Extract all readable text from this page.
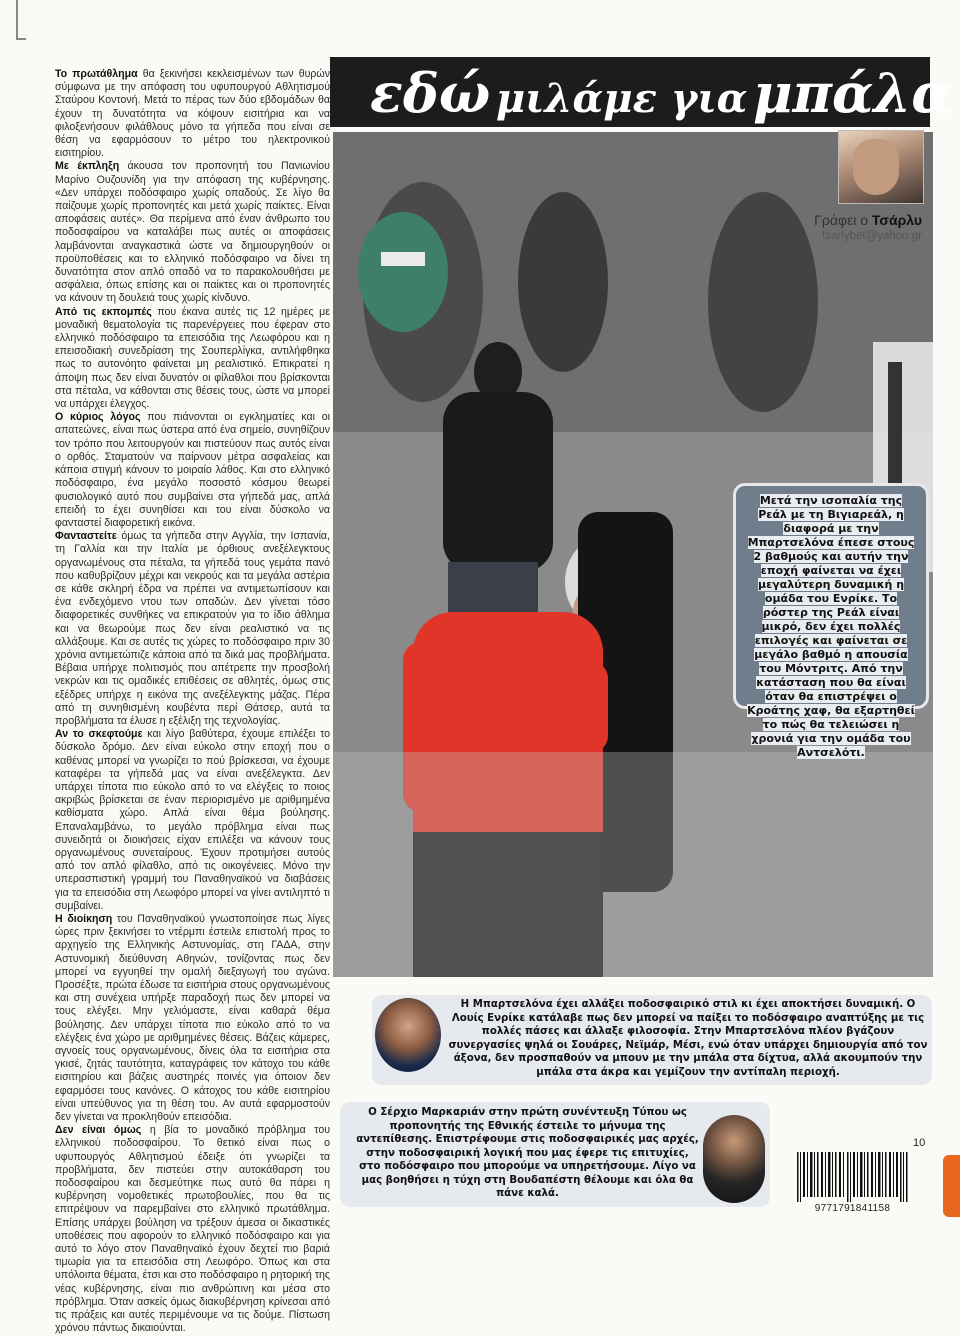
Το πρωτάθλημα θα ξεκινήσει κεκλεισμένων των θυρών σύμφωνα με την απόφαση του υφυπουργού Αθλητισμού Σταύρου Κοντονή. Μετά το πέρας των δύο εβδομάδων θα έχουν τη δυνατότητα να κόψουν εισιτήρια και να φιλοξενήσουν φιλάθλους μόνο τα γήπεδα που είναι σε θέση να εφαρμόσουν το μέτρο του ηλεκτρονικού εισιτηρίου.

Με έκπληξη άκουσα τον προπονητή του Πανιωνίου Μαρίνο Ουζουνίδη για την απόφαση της κυβέρνησης. «Δεν υπάρχει ποδόσφαιρο χωρίς οπαδούς. Σε λίγο θα παίζουμε χωρίς προπονητές και μετά χωρίς παίκτες. Είναι αποφάσεις αυτές». Θα περίμενα από έναν άνθρωπο του ποδοσφαίρου να καταλάβει πως αυτές οι αποφάσεις λαμβάνονται αναγκαστικά ώστε να δημιουργηθούν οι προϋποθέσεις και το ελληνικό ποδόσφαιρο να δίνει τη δυνατότητα στον απλό οπαδό να το παρακολουθήσει με ασφάλεια, όπως επίσης και οι παίκτες και οι προπονητές να κάνουν τη δουλειά τους χωρίς κίνδυνο.

Από τις εκπομπές που έκανα αυτές τις 12 ημέρες με μοναδική θεματολογία τις παρενέργειες που έφεραν στο ελληνικό ποδόσφαιρο τα επεισόδια της Λεωφόρου και η επεισοδιακή συνεδρίαση της Σουπερλίγκα, αντιλήφθηκα πως το αυτονόητο φαίνεται μη ρεαλιστικό. Επικρατεί η άποψη πως δεν είναι δυνατόν οι φίλαθλοι που βρίσκονται στα πέταλα, να κάθονται στις θέσεις τους, ώστε να μπορεί να υπάρχει έλεγχος.

Ο κύριος λόγος που πιάνονται οι εγκληματίες και οι απατεώνες, είναι πως ύστερα από ένα σημείο, συνηθίζουν τον τρόπο που λειτουργούν και πιστεύουν πως αυτός είναι ο ορθός. Σταματούν να παίρνουν μέτρα ασφαλείας και κάποια στιγμή κάνουν το μοιραίο λάθος. Και στο ελληνικό ποδόσφαιρο, ένα μεγάλο ποσοστό κόσμου θεωρεί φυσιολογικό αυτό που συμβαίνει στα γήπεδά μας, απλά επειδή το έχει συνηθίσει και του είναι δύσκολο να φανταστεί διαφορετική εικόνα.

Φανταστείτε όμως τα γήπεδα στην Αγγλία, την Ισπανία, τη Γαλλία και την Ιταλία με όρθιους ανεξέλεγκτους οργανωμένους στα πέταλα, τα γήπεδά τους γεμάτα πανό που καθυβρίζουν μέχρι και νεκρούς και τα μεγάλα αστέρια σε κάθε σκληρή έδρα να πρέπει να αντιμετωπίσουν και ένα ενδεχόμενο ντου των οπαδών. Δεν γίνεται τόσο διαφορετικές συνθήκες να επικρατούν για το ίδιο άθλημα και να θεωρούμε πως δεν είναι ρεαλιστικό να τις αλλάξουμε. Και σε αυτές τις χώρες το ποδόσφαιρο πριν 30 χρόνια αντιμετώπιζε κάποια από τα δικά μας προβλήματα. Βέβαια υπήρχε πολιτισμός που απέτρεπε την προσβολή νεκρών και τις ομαδικές επιθέσεις σε αθλητές, όμως στις εξέδρες υπήρχε η εικόνα της ανεξέλεγκτης μάζας. Πέρα από τη συνηθισμένη κουβέντα περί Θάτσερ, αυτά τα προβλήματα τα έλυσε η εξέλιξη της τεχνολογίας.

Αν το σκεφτούμε και λίγο βαθύτερα, έχουμε επιλέξει το δύσκολο δρόμο. Δεν είναι εύκολο στην εποχή που ο καθένας μπορεί να γνωρίζει το πού βρίσκεσαι, να έχουμε καταφέρει τα γήπεδά μας να είναι ανεξέλεγκτα. Δεν υπάρχει τίποτα πιο εύκολο από το να ελέγξεις το ποιος ακριβώς βρίσκεται σε έναν περιορισμένο με αριθμημένα καθίσματα χώρο. Απλά είναι θέμα βούλησης. Επαναλαμβάνω, το μεγάλο πρόβλημα είναι πως συνειδητά οι διοικήσεις είχαν επιλέξει να κάνουν τους οργανωμένους συνεταίρους. Έχουν προτιμήσει αυτούς από τον απλό φίλαθλο, από τις οικογένειες. Μόνο την υπερασπιστική γραμμή του Παναθηναϊκού να διαβάσεις για τα επεισόδια στη Λεωφόρο μπορεί να γίνει αντιληπτό τι συμβαίνει.

Η διοίκηση του Παναθηναϊκού γνωστοποίησε πως λίγες ώρες πριν ξεκινήσει το ντέρμπι έστειλε επιστολή προς το αρχηγείο της Ελληνικής Αστυνομίας, στη ΓΑΔΑ, στην Αστυνομική διεύθυνση Αθηνών, τονίζοντας πως δεν μπορεί να εγγυηθεί την ομαλή διεξαγωγή του αγώνα. Προσέξτε, πρώτα έδωσε τα εισιτήρια στους οργανωμένους και στη συνέχεια υπήρξε παραδοχή πως δεν μπορεί να τους ελέγξει. Μην γελιόμαστε, είναι καθαρά θέμα βούλησης. Δεν υπάρχει τίποτα πιο εύκολο από το να ελέγξεις ένα χώρο με αριθμημένες θέσεις. Βάζεις κάμερες, αγνοείς τους οργανωμένους, δίνεις όλα τα εισιτήρια στα γκισέ, ζητάς ταυτότητα, καταγράφεις τον κάτοχο του κάθε εισιτηρίου και βάζεις αυστηρές ποινές για όποιον δεν εφαρμόσει τους κανόνες. Ο κάτοχος του κάθε εισιτηρίου είναι υπεύθυνος για τη θέση του. Αν αυτά εφαρμοστούν δεν γίνεται να προκληθούν επεισόδια.

Δεν είναι όμως η βία το μοναδικό πρόβλημα του ελληνικού ποδοσφαίρου. Το θετικό είναι πως ο υφυπουργός Αθλητισμού έδειξε ότι γνωρίζει τα προβλήματα, δεν πιστεύει στην αυτοκάθαρση του ποδοσφαίρου και δεσμεύτηκε πως αυτό θα πάρει η κυβέρνηση νομοθετικές πρωτοβουλίες, που θα τις επιτρέψουν να παρεμβαίνει στο ελληνικό πρωτάθλημα. Επίσης υπάρχει βούληση να τρέξουν άμεσα οι δικαστικές υποθέσεις που αφορούν το ελληνικό ποδόσφαιρο και για αυτό το λόγο στον Παναθηναϊκό έχουν δεχτεί πιο βαριά τιμωρία για τα επεισόδια στη Λεωφόρο. Όπως και στα υπόλοιπα θέματα, έτσι και στο ποδόσφαιρο η ρητορική της νέας κυβέρνησης, είναι πιο ανθρώπινη και μέσα στο πρόβλημα. Όταν ασκείς όμως διακυβέρνηση κρίνεσαι από τις πράξεις και αυτές περιμένουμε να τις δούμε. Πίστωση χρόνου πάντως δικαιούνται.

εδώ μιλάμε για μπάλα
Γράφει ο Τσάρλυ
tsarlybet@yahoo.gr
Μετά την ισοπαλία της Ρεάλ με τη Βιγιαρεάλ, η διαφορά με την Μπαρτσελόνα έπεσε στους 2 βαθμούς και αυτήν την εποχή φαίνεται να έχει μεγαλύτερη δυναμική η ομάδα του Ενρίκε. Το ρόστερ της Ρεάλ είναι μικρό, δεν έχει πολλές επιλογές και φαίνεται σε μεγάλο βαθμό η απουσία του Μόντριτς. Από την κατάσταση που θα είναι όταν θα επιστρέψει ο Κροάτης χαφ, θα εξαρτηθεί το πώς θα τελειώσει η χρονιά για την ομάδα του Αντσελότι.
Η Μπαρτσελόνα έχει αλλάξει ποδοσφαιρικό στιλ κι έχει αποκτήσει δυναμική. Ο Λουίς Ενρίκε κατάλαβε πως δεν μπορεί να παίξει το ποδόσφαιρο αναπτύξης με τις πολλές πάσες και άλλαξε φιλοσοφία. Στην Μπαρτσελόνα πλέον βγάζουν συνεργασίες ψηλά οι Σουάρες, Νεϊμάρ, Μέσι, ενώ όταν υπάρχει δημιουργία από τον άξονα, δεν προσπαθούν να μπουν με την μπάλα στα δίχτυα, αλλά ακουμπούν την μπάλα στα άκρα και γεμίζουν την αντίπαλη περιοχή.
Ο Σέρχιο Μαρκαριάν στην πρώτη συνέντευξη Τύπου ως προπονητής της Εθνικής έστειλε το μήνυμα της αντεπίθεσης. Επιστρέφουμε στις ποδοσφαιρικές μας αρχές, στην ποδοσφαιρική λογική που μας έφερε τις επιτυχίες, στο ποδόσφαιρο που μπορούμε να υπηρετήσουμε. Λίγο να μας βοηθήσει η τύχη στη Βουδαπέστη θέλουμε και όλα θα πάνε καλά.
10
9771791841158
